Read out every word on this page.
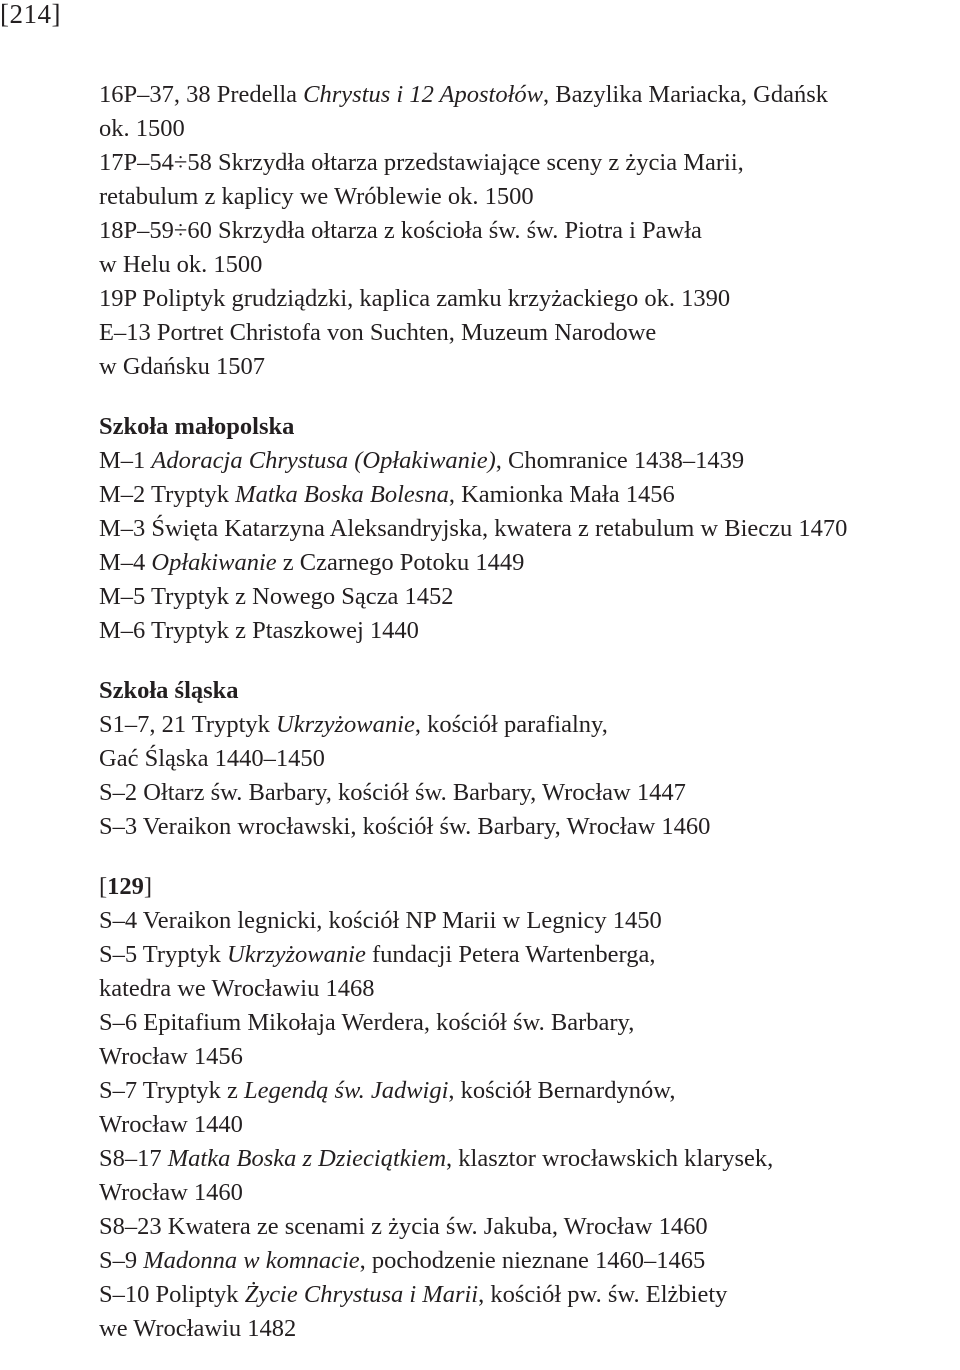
[214]
16P–37, 38 Predella Chrystus i 12 Apostołów, Bazylika Mariacka, Gdańsk
ok. 1500
17P–54÷58 Skrzydła ołtarza przedstawiające sceny z życia Marii,
retabulum z kaplicy we Wróblewie ok. 1500
18P–59÷60 Skrzydła ołtarza z kościoła św. św. Piotra i Pawła
w Helu ok. 1500
19P Poliptyk grudziądzki, kaplica zamku krzyżackiego ok. 1390
E–13 Portret Christofa von Suchten, Muzeum Narodowe
w Gdańsku 1507
Szkoła małopolska
M–1 Adoracja Chrystusa (Opłakiwanie), Chomranice 1438–1439
M–2 Tryptyk Matka Boska Bolesna, Kamionka Mała 1456
M–3 Święta Katarzyna Aleksandryjska, kwatera z retabulum w Bieczu 1470
M–4 Opłakiwanie z Czarnego Potoku 1449
M–5 Tryptyk z Nowego Sącza 1452
M–6 Tryptyk z Ptaszkowej 1440
Szkoła śląska
S1–7, 21 Tryptyk Ukrzyżowanie, kościół parafialny,
Gać Śląska 1440–1450
S–2 Ołtarz św. Barbary, kościół św. Barbary, Wrocław 1447
S–3 Veraikon wrocławski, kościół św. Barbary, Wrocław 1460
[129]
S–4 Veraikon legnicki, kościół NP Marii w Legnicy 1450
S–5 Tryptyk Ukrzyżowanie fundacji Petera Wartenberga,
katedra we Wrocławiu 1468
S–6 Epitafium Mikołaja Werdera, kościół św. Barbary,
Wrocław 1456
S–7 Tryptyk z Legendą św. Jadwigi, kościół Bernardynów,
Wrocław 1440
S8–17 Matka Boska z Dzieciątkiem, klasztor wrocławskich klarysek,
Wrocław 1460
S8–23 Kwatera ze scenami z życia św. Jakuba, Wrocław 1460
S–9 Madonna w komnacie, pochodzenie nieznane 1460–1465
S–10 Poliptyk Życie Chrystusa i Marii, kościół pw. św. Elżbiety
we Wrocławiu 1482
